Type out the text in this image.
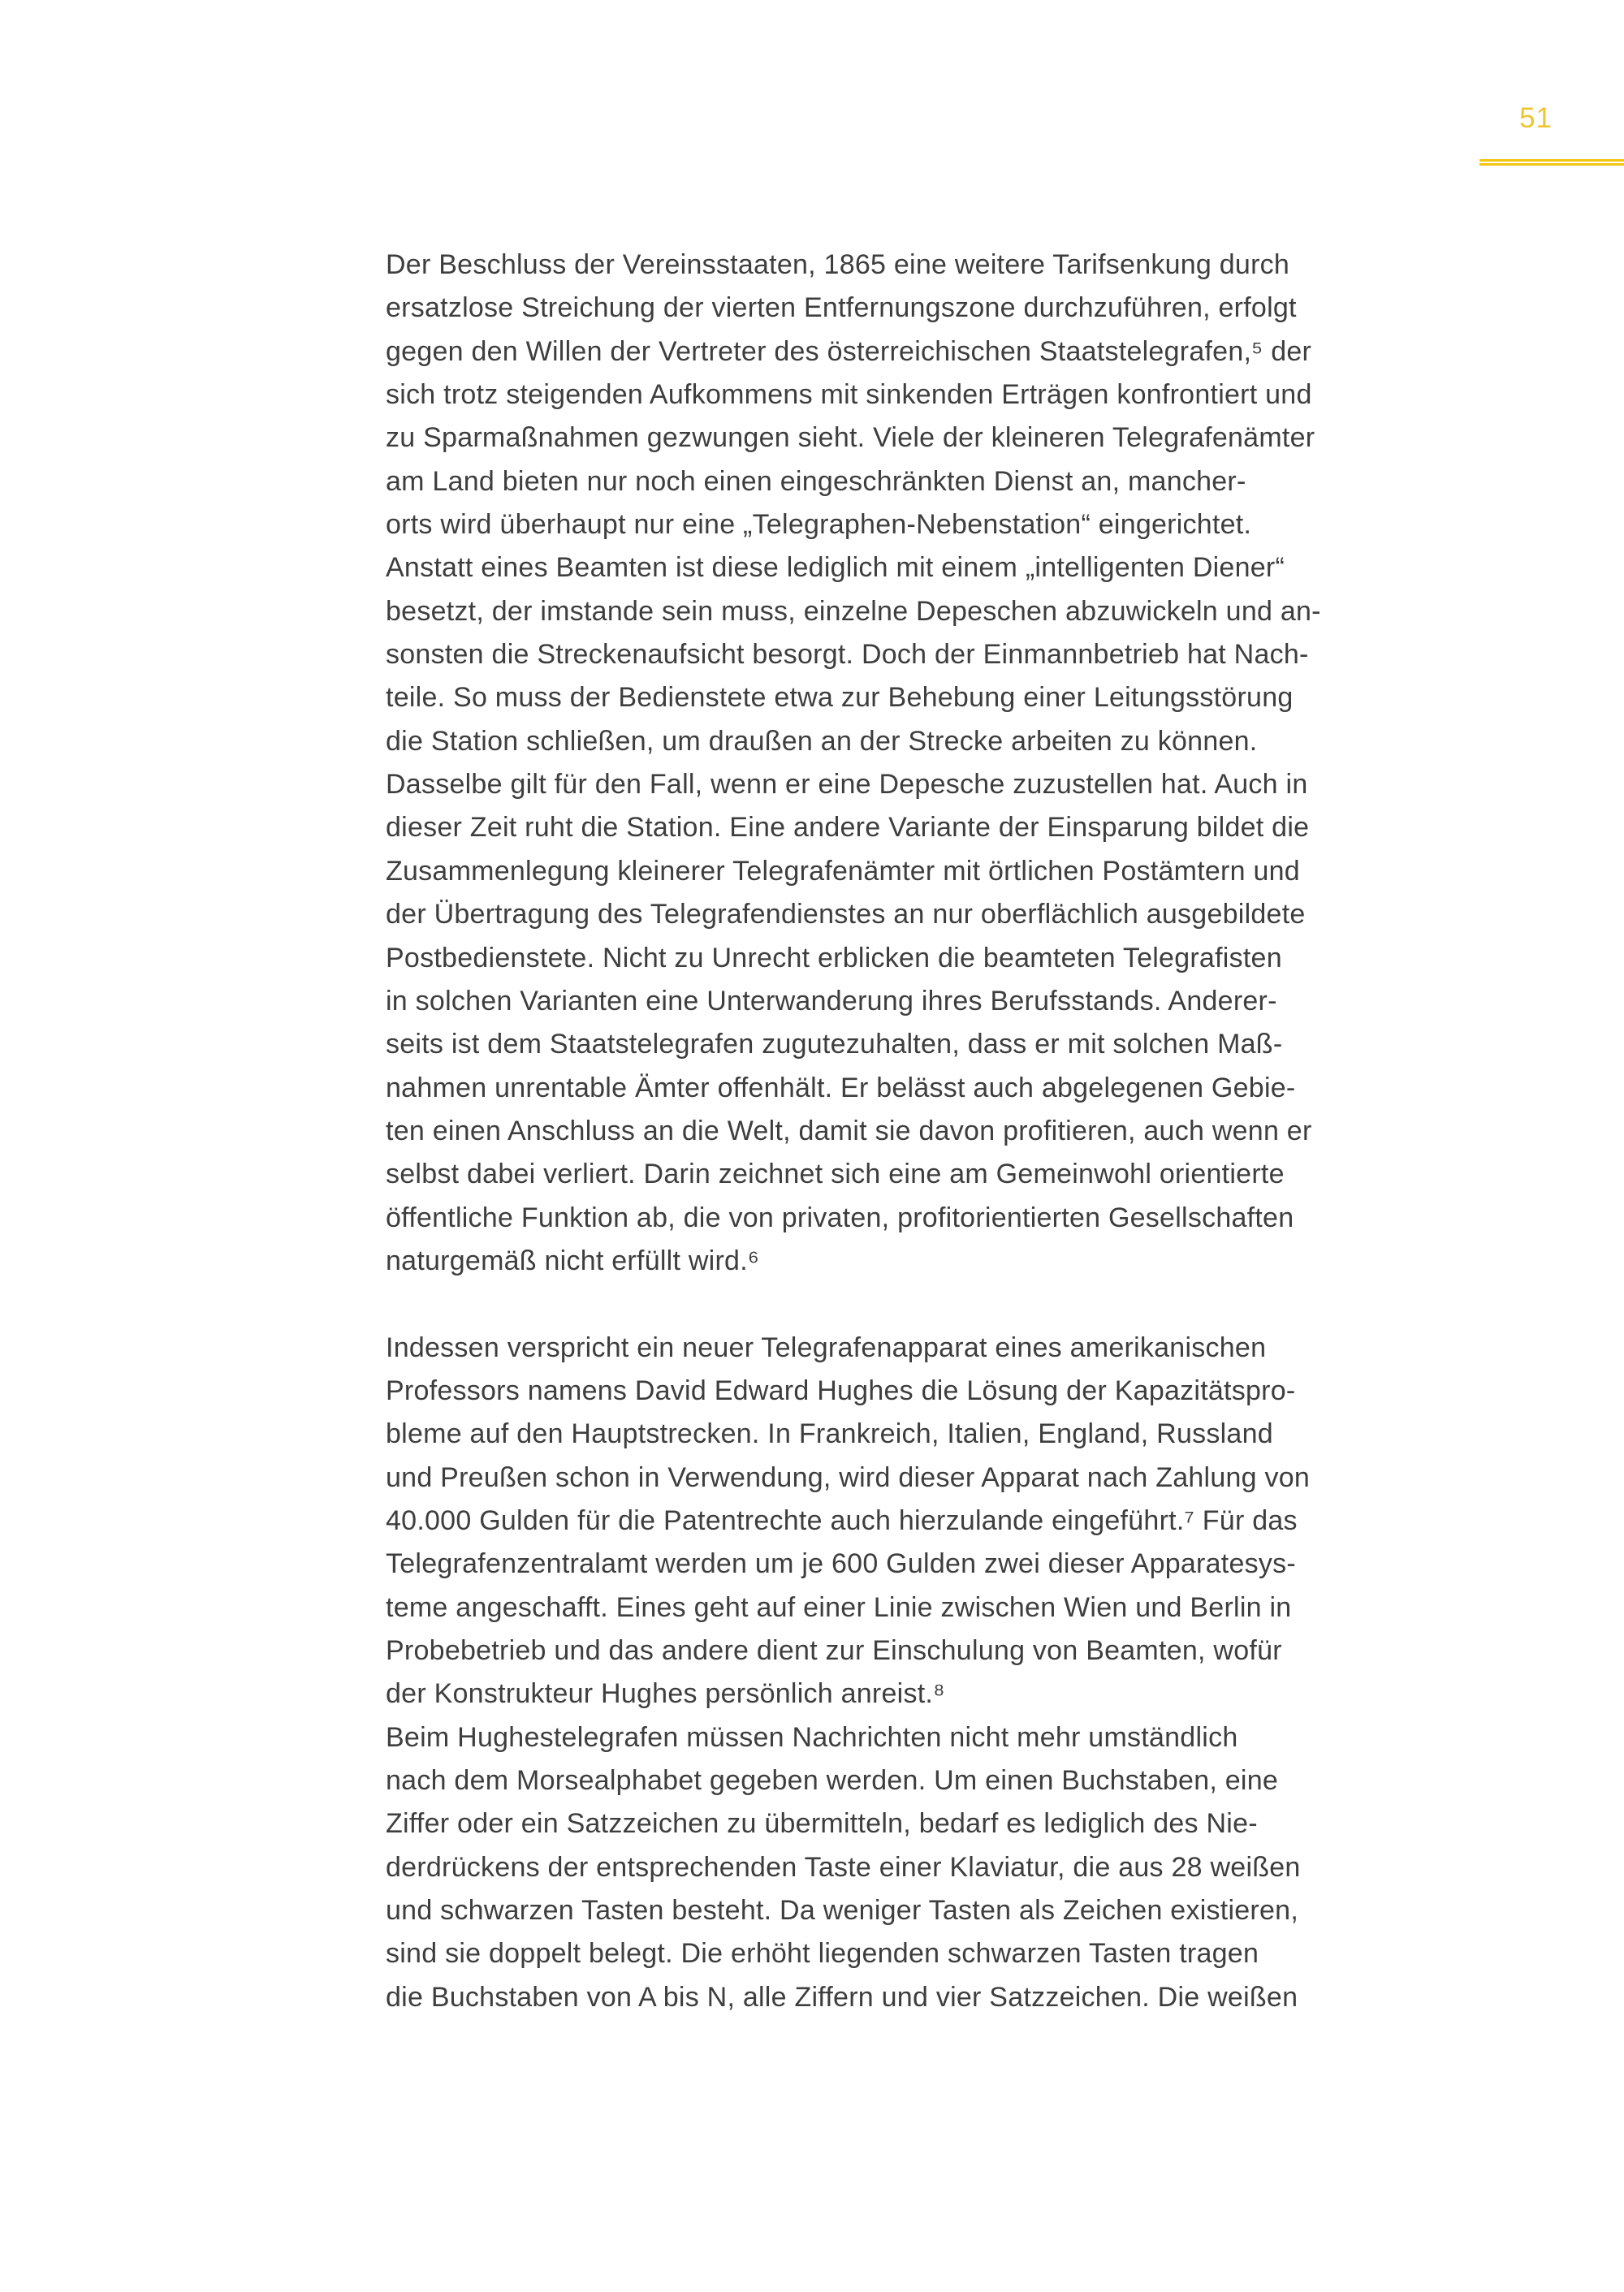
51
Der Beschluss der Vereinsstaaten, 1865 eine weitere Tarifsenkung durch
ersatzlose Streichung der vierten Entfernungszone durchzuführen, erfolgt
gegen den Willen der Vertreter des österreichischen Staatstelegrafen,⁵ der
sich trotz steigenden Aufkommens mit sinkenden Erträgen konfrontiert und
zu Sparmaßnahmen gezwungen sieht. Viele der kleineren Telegrafenämter
am Land bieten nur noch einen eingeschränkten Dienst an, mancher-
orts wird überhaupt nur eine „Telegraphen-Nebenstation“ eingerichtet.
Anstatt eines Beamten ist diese lediglich mit einem „intelligenten Diener“
besetzt, der imstande sein muss, einzelne Depeschen abzuwickeln und an-
sonsten die Streckenaufsicht besorgt. Doch der Einmannbetrieb hat Nach-
teile. So muss der Bedienstete etwa zur Behebung einer Leitungsstörung
die Station schließen, um draußen an der Strecke arbeiten zu können.
Dasselbe gilt für den Fall, wenn er eine Depesche zuzustellen hat. Auch in
dieser Zeit ruht die Station. Eine andere Variante der Einsparung bildet die
Zusammenlegung kleinerer Telegrafenämter mit örtlichen Postämtern und
der Übertragung des Telegrafendienstes an nur oberflächlich ausgebildete
Postbedienstete. Nicht zu Unrecht erblicken die beamteten Telegrafisten
in solchen Varianten eine Unterwanderung ihres Berufsstands. Anderer-
seits ist dem Staatstelegrafen zugutezuhalten, dass er mit solchen Maß-
nahmen unrentable Ämter offenhält. Er belässt auch abgelegenen Gebie-
ten einen Anschluss an die Welt, damit sie davon profitieren, auch wenn er
selbst dabei verliert. Darin zeichnet sich eine am Gemeinwohl orientierte
öffentliche Funktion ab, die von privaten, profitorientierten Gesellschaften
naturgemäß nicht erfüllt wird.⁶
Indessen verspricht ein neuer Telegrafenapparat eines amerikanischen
Professors namens David Edward Hughes die Lösung der Kapazitätspro-
bleme auf den Hauptstrecken. In Frankreich, Italien, England, Russland
und Preußen schon in Verwendung, wird dieser Apparat nach Zahlung von
40.000 Gulden für die Patentrechte auch hierzulande eingeführt.⁷ Für das
Telegrafenzentralamt werden um je 600 Gulden zwei dieser Apparatesys-
teme angeschafft. Eines geht auf einer Linie zwischen Wien und Berlin in
Probebetrieb und das andere dient zur Einschulung von Beamten, wofür
der Konstrukteur Hughes persönlich anreist.⁸
Beim Hughestelegrafen müssen Nachrichten nicht mehr umständlich
nach dem Morsealphabet gegeben werden. Um einen Buchstaben, eine
Ziffer oder ein Satzzeichen zu übermitteln, bedarf es lediglich des Nie-
derdrückens der entsprechenden Taste einer Klaviatur, die aus 28 weißen
und schwarzen Tasten besteht. Da weniger Tasten als Zeichen existieren,
sind sie doppelt belegt. Die erhöht liegenden schwarzen Tasten tragen
die Buchstaben von A bis N, alle Ziffern und vier Satzzeichen. Die weißen
